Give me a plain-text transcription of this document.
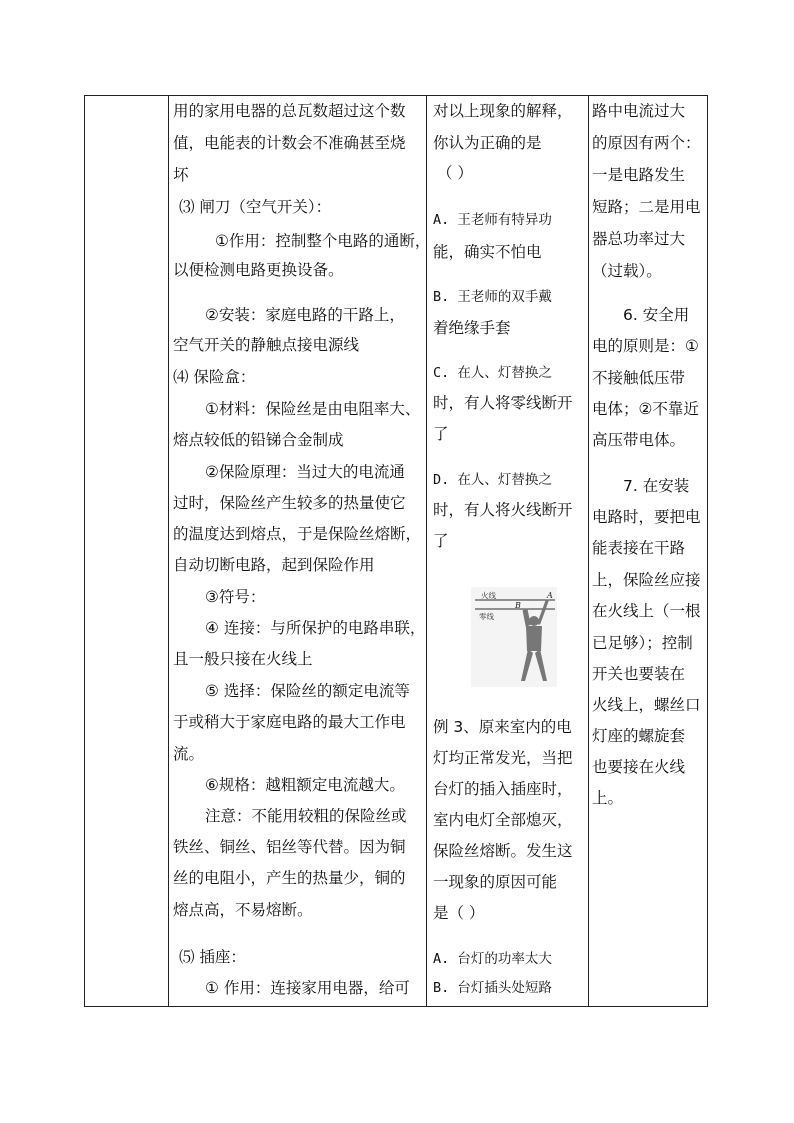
用的家用电器的总瓦数超过这个数
值，电能表的计数会不准确甚至烧
坏
⑶ 闸刀（空气开关）：
①作用：控制整个电路的通断，
以便检测电路更换设备。
②安装：家庭电路的干路上，
空气开关的静触点接电源线
⑷ 保险盒：
①材料：保险丝是由电阻率大、
熔点较低的铅锑合金制成
②保险原理：当过大的电流通
过时，保险丝产生较多的热量使它
的温度达到熔点，于是保险丝熔断，
自动切断电路，起到保险作用
③符号：
④ 连接：与所保护的电路串联，
且一般只接在火线上
⑤ 选择：保险丝的额定电流等
于或稍大于家庭电路的最大工作电
流。
⑥规格：越粗额定电流越大。
注意：不能用较粗的保险丝或
铁丝、铜丝、铝丝等代替。因为铜
丝的电阻小，产生的热量少，铜的
熔点高，不易熔断。
⑸ 插座：
① 作用：连接家用电器，给可
对以上现象的解释，
你认为正确的是
（ ）
A. 王老师有特异功
能，确实不怕电
B. 王老师的双手戴
着绝缘手套
C. 在人、灯替换之
时，有人将零线断开
了
D. 在人、灯替换之
时，有人将火线断开
了
火线
零线
A
B
例 3、原来室内的电
灯均正常发光，当把
台灯的插入插座时，
室内电灯全部熄灭，
保险丝熔断。发生这
一现象的原因可能
是（ ）
A. 台灯的功率太大
B. 台灯插头处短路
路中电流过大
的原因有两个：
一是电路发生
短路；二是用电
器总功率过大
（过载）。
6. 安全用
电的原则是：①
不接触低压带
电体；②不靠近
高压带电体。
7. 在安装
电路时，要把电
能表接在干路
上，保险丝应接
在火线上（一根
已足够）；控制
开关也要装在
火线上，螺丝口
灯座的螺旋套
也要接在火线
上。
